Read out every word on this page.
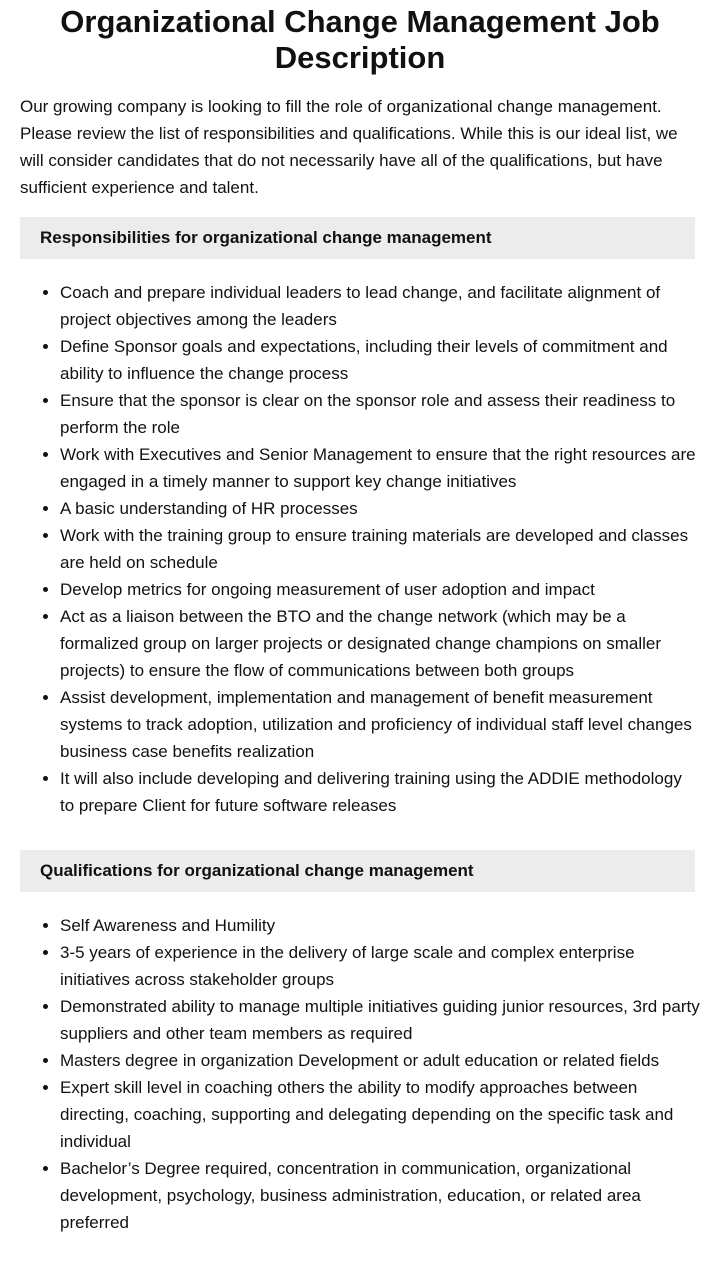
Organizational Change Management Job Description

Our growing company is looking to fill the role of organizational change management. Please review the list of responsibilities and qualifications. While this is our ideal list, we will consider candidates that do not necessarily have all of the qualifications, but have sufficient experience and talent.

Responsibilities for organizational change management
• Coach and prepare individual leaders to lead change, and facilitate alignment of project objectives among the leaders
• Define Sponsor goals and expectations, including their levels of commitment and ability to influence the change process
• Ensure that the sponsor is clear on the sponsor role and assess their readiness to perform the role
• Work with Executives and Senior Management to ensure that the right resources are engaged in a timely manner to support key change initiatives
• A basic understanding of HR processes
• Work with the training group to ensure training materials are developed and classes are held on schedule
• Develop metrics for ongoing measurement of user adoption and impact
• Act as a liaison between the BTO and the change network (which may be a formalized group on larger projects or designated change champions on smaller projects) to ensure the flow of communications between both groups
• Assist development, implementation and management of benefit measurement systems to track adoption, utilization and proficiency of individual staff level changes business case benefits realization
• It will also include developing and delivering training using the ADDIE methodology to prepare Client for future software releases
Qualifications for organizational change management
• Self Awareness and Humility
• 3-5 years of experience in the delivery of large scale and complex enterprise initiatives across stakeholder groups
• Demonstrated ability to manage multiple initiatives guiding junior resources, 3rd party suppliers and other team members as required
• Masters degree in organization Development or adult education or related fields
• Expert skill level in coaching others the ability to modify approaches between directing, coaching, supporting and delegating depending on the specific task and individual
• Bachelor’s Degree required, concentration in communication, organizational development, psychology, business administration, education, or related area preferred
